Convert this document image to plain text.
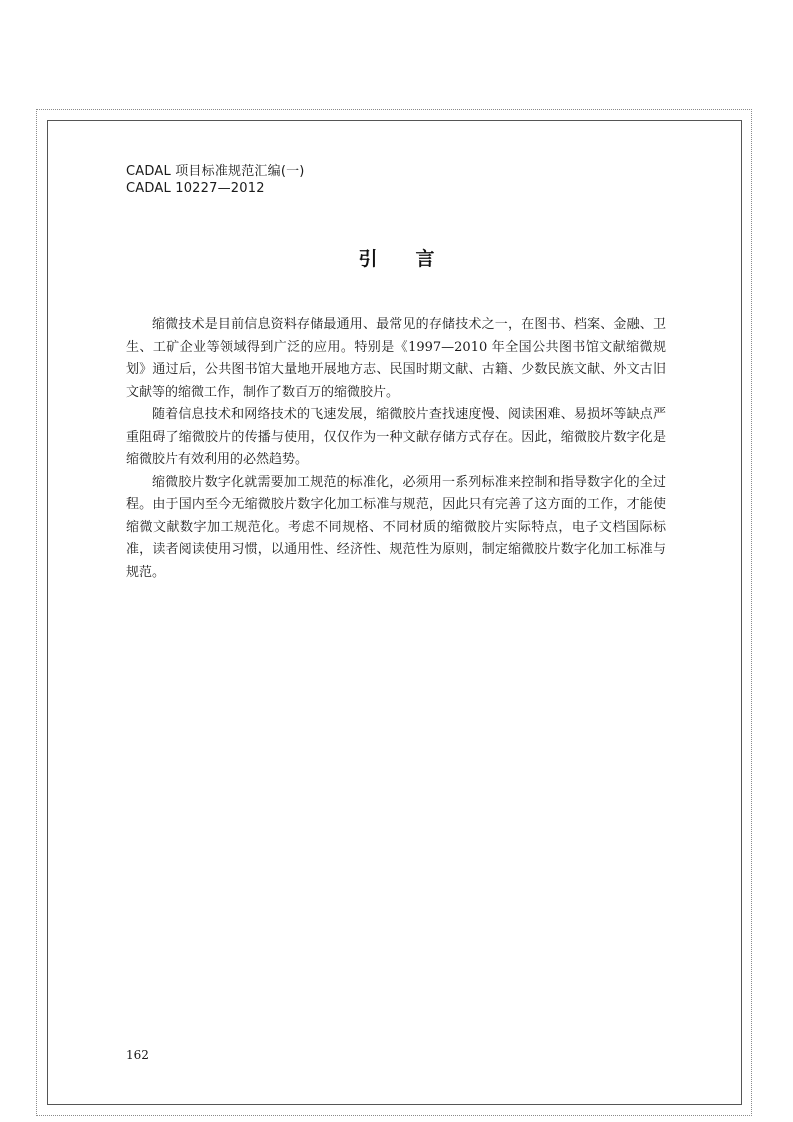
CADAL 项目标准规范汇编(一)
CADAL 10227—2012
引言

缩微技术是目前信息资料存储最通用、最常见的存储技术之一，在图书、档案、金融、卫生、工矿企业等领域得到广泛的应用。特别是《1997—2010 年全国公共图书馆文献缩微规划》通过后，公共图书馆大量地开展地方志、民国时期文献、古籍、少数民族文献、外文古旧文献等的缩微工作，制作了数百万的缩微胶片。

随着信息技术和网络技术的飞速发展，缩微胶片查找速度慢、阅读困难、易损坏等缺点严重阻碍了缩微胶片的传播与使用，仅仅作为一种文献存储方式存在。因此，缩微胶片数字化是缩微胶片有效利用的必然趋势。

缩微胶片数字化就需要加工规范的标准化，必须用一系列标准来控制和指导数字化的全过程。由于国内至今无缩微胶片数字化加工标准与规范，因此只有完善了这方面的工作，才能使缩微文献数字加工规范化。考虑不同规格、不同材质的缩微胶片实际特点，电子文档国际标准，读者阅读使用习惯，以通用性、经济性、规范性为原则，制定缩微胶片数字化加工标准与规范。

162
